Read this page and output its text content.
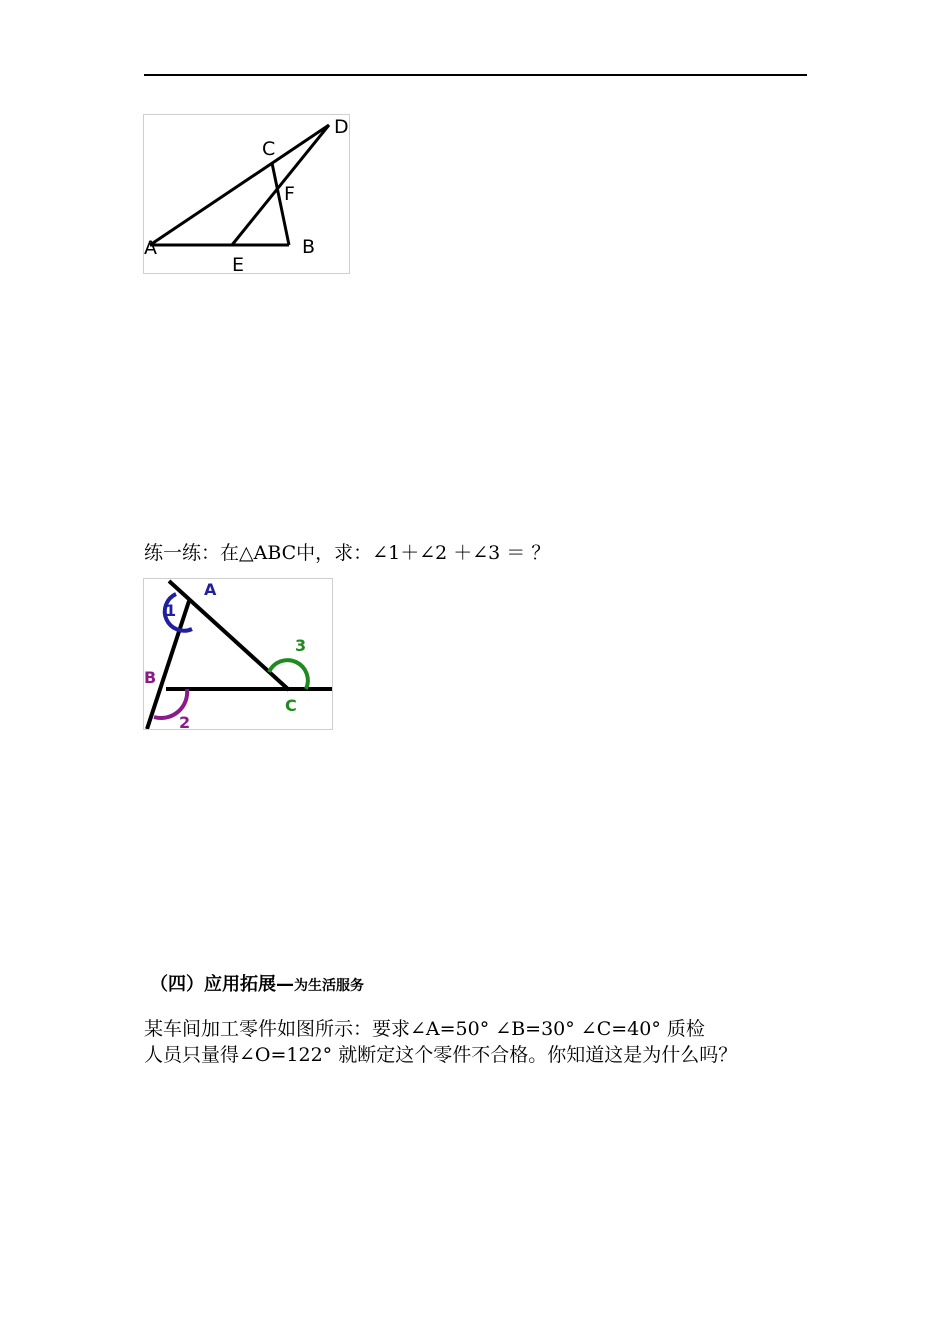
A	B
C
D
E
F
练一练：在△ABC中，求：∠1＋∠2 ＋∠3 ＝ ？
A
B
C
1
2
3
（四）应用拓展—为生活服务
某车间加工零件如图所示：要求∠A=50° ∠B=30° ∠C=40° 质检
人员只量得∠O=122° 就断定这个零件不合格。你知道这是为什么吗？
